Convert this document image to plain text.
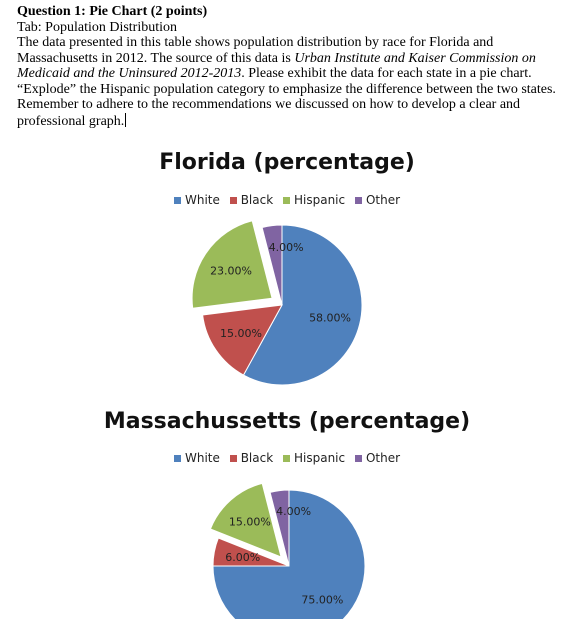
Question 1: Pie Chart (2 points)

Tab: Population Distribution

The data presented in this table shows population distribution by race for Florida and Massachusetts in 2012. The source of this data is Urban Institute and Kaiser Commission on Medicaid and the Uninsured 2012-2013. Please exhibit the data for each state in a pie chart. “Explode” the Hispanic population category to emphasize the difference between the two states. Remember to adhere to the recommendations we discussed on how to develop a clear and professional graph.

Florida (percentage)
White Black Hispanic Other
58.00%
15.00%
23.00%
4.00%
Massachussetts (percentage)
White Black Hispanic Other
75.00%
6.00%
15.00%
4.00%
